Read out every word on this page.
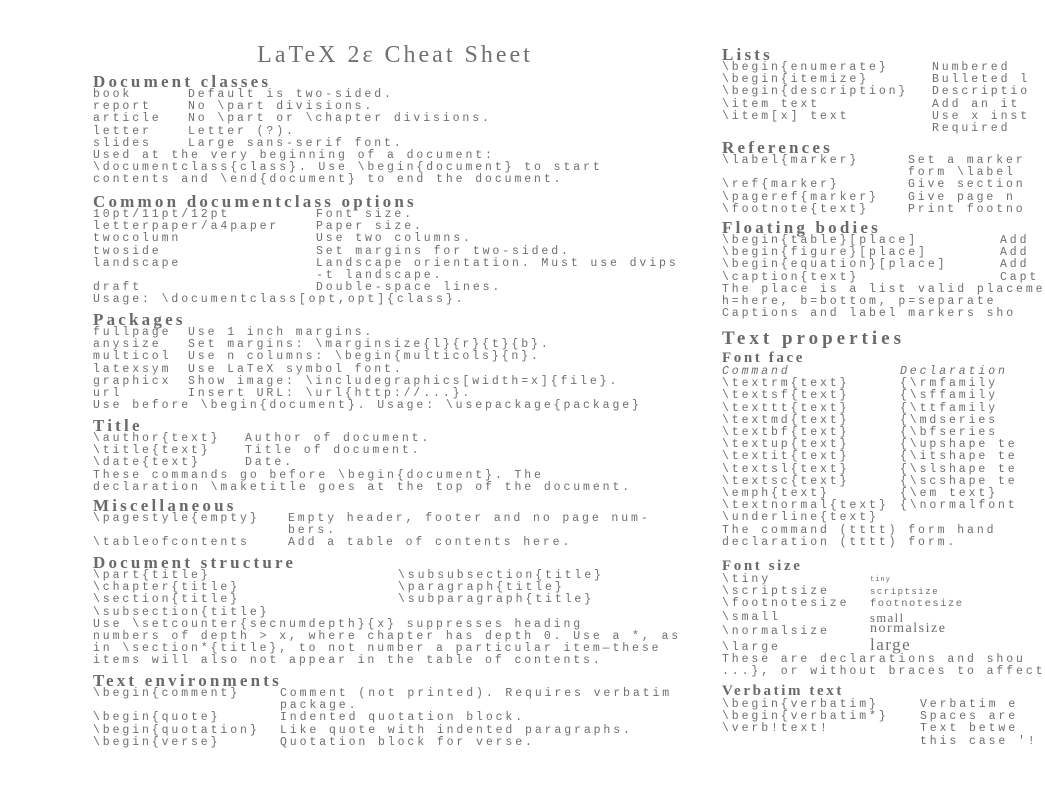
LaTeX 2ε Cheat Sheet
Document classes
book	Default is two-sided.
report	No \part divisions.
article No \part or \chapter divisions.
letter	Letter (?).
slides	Large sans-serif font.
Used at the very beginning of a document:
\documentclass{class}. Use \begin{document} to start
contents and \end{document} to end the document.
Common documentclass options
10pt/11pt/12pt	Font size.
letterpaper/a4paper	Paper size.
twocolumn	Use two columns.
twoside	Set margins for two-sided.
landscape	Landscape orientation. Must use dvips
-t landscape.
draft	Double-space lines.
Usage: \documentclass[opt,opt]{class}.
Packages
fullpage Use 1 inch margins.
anysize Set margins: \marginsize{l}{r}{t}{b}.
multicol Use n columns: \begin{multicols}{n}.
latexsym Use LaTeX symbol font.
graphicx Show image: \includegraphics[width=x]{file}.
url	Insert URL: \url{http://...}.
Use before \begin{document}. Usage: \usepackage{package}
Title
\author{text} Author of document.
\title{text}	Title of document.
\date{text}	Date.
These commands go before \begin{document}. The
declaration \maketitle goes at the top of the document.
Miscellaneous
\pagestyle{empty} Empty header, footer and no page num-
bers.
\tableofcontents	Add a table of contents here.
Document structure
\part{title}	\subsubsection{title}
\chapter{title}	\paragraph{title}
\section{title}	\subparagraph{title}
\subsection{title}
Use \setcounter{secnumdepth}{x} suppresses heading
numbers of depth > x, where chapter has depth 0. Use a *, as
in \section*{title}, to not number a particular item—these
items will also not appear in the table of contents.
Text environments
\begin{comment}	Comment (not printed). Requires verbatim
package.
\begin{quote}	Indented quotation block.
\begin{quotation} Like quote with indented paragraphs.
\begin{verse}	Quotation block for verse.
Lists
\begin{enumerate}	Numbered
\begin{itemize}	Bulleted l
\begin{description} Descriptio
\item text	Add an it
\item[x] text	Use x inst
Required
References
\label{marker}	Set a marker
form \label
\ref{marker}	Give section
\pageref{marker}	Give page n
\footnote{text}	Print footno
Floating bodies
\begin{table}[place]	Add
\begin{figure}[place]	Add
\begin{equation}[place]	Add
\caption{text}	Capt
The place is a list valid placeme
h=here, b=bottom, p=separate
Captions and label markers sho
Text properties
Font face
Command	Declaration
\textrm{text}	{\rmfamily
\textsf{text}	{\sffamily
\texttt{text}	{\ttfamily
\textmd{text}	{\mdseries
\textbf{text}	{\bfseries
\textup{text}	{\upshape te
\textit{text}	{\itshape te
\textsl{text}	{\slshape te
\textsc{text}	{\scshape te
\emph{text}	{\em text}
\textnormal{text} {\normalfont
\underline{text}
The command (tttt) form hand
declaration (tttt) form.
Font size
\tiny	tiny
\scriptsize	scriptsize
\footnotesize footnotesize
\small	small
\normalsize	normalsize
\large	large
These are declarations and shou
...}, or without braces to affect
Verbatim text
\begin{verbatim}	Verbatim e
\begin{verbatim*}	Spaces are
\verb!text!	Text betwe
this case '!
